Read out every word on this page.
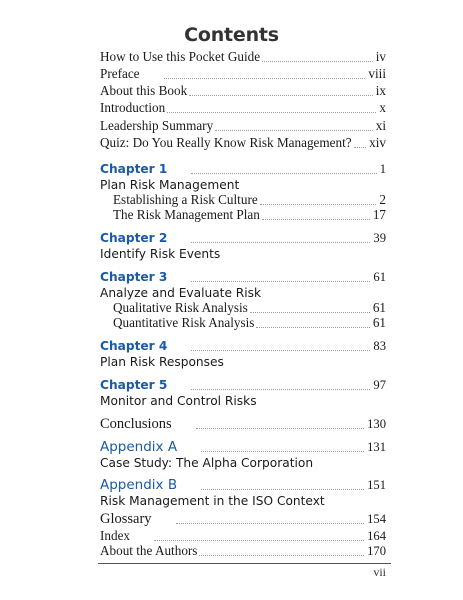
Contents
How to Use this Pocket Guide	iv
Preface	viii
About this Book	ix
Introduction	x
Leadership Summary	xi
Quiz: Do You Really Know Risk Management? xiv
Chapter 1	1
Plan Risk Management
Establishing a Risk Culture	2
The Risk Management Plan	17
Chapter 2	39
Identify Risk Events
Chapter 3	61
Analyze and Evaluate Risk
Qualitative Risk Analysis	61
Quantitative Risk Analysis	61
Chapter 4	83
Plan Risk Responses
Chapter 5	97
Monitor and Control Risks
Conclusions	130
Appendix A	131
Case Study: The Alpha Corporation
Appendix B	151
Risk Management in the ISO Context
Glossary	154
Index	164
About the Authors	170
vii
